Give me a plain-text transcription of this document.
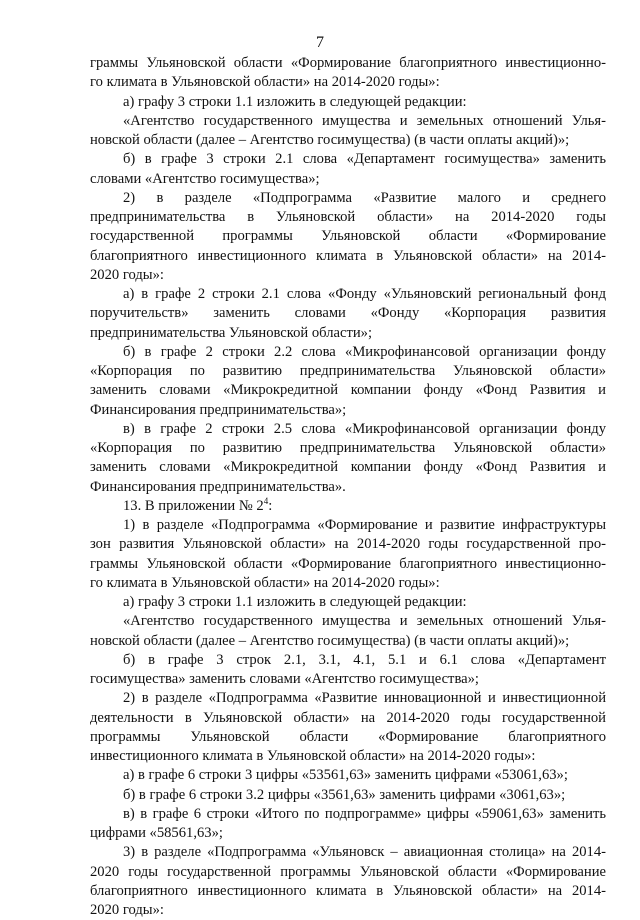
7
граммы Ульяновской области «Формирование благоприятного инвестиционно-
го климата в Ульяновской области» на 2014-2020 годы»:
а) графу 3 строки 1.1 изложить в следующей редакции:
«Агентство государственного имущества и земельных отношений Улья-
новской области (далее – Агентство госимущества) (в части оплаты акций)»;
б) в графе 3 строки 2.1 слова «Департамент госимущества» заменить
словами «Агентство госимущества»;
2) в разделе «Подпрограмма «Развитие малого и среднего
предпринимательства в Ульяновской области» на 2014-2020 годы
государственной программы Ульяновской области «Формирование
благоприятного инвестиционного климата в Ульяновской области» на 2014-
2020 годы»:
а) в графе 2 строки 2.1 слова «Фонду «Ульяновский региональный фонд
поручительств» заменить словами «Фонду «Корпорация развития
предпринимательства Ульяновской области»;
б) в графе 2 строки 2.2 слова «Микрофинансовой организации фонду
«Корпорация по развитию предпринимательства Ульяновской области»
заменить словами «Микрокредитной компании фонду «Фонд Развития и
Финансирования предпринимательства»;
в) в графе 2 строки 2.5 слова «Микрофинансовой организации фонду
«Корпорация по развитию предпринимательства Ульяновской области»
заменить словами «Микрокредитной компании фонду «Фонд Развития и
Финансирования предпринимательства».
13. В приложении № $2^4$:
1) в разделе «Подпрограмма «Формирование и развитие инфраструктуры
зон развития Ульяновской области» на 2014-2020 годы государственной про-
граммы Ульяновской области «Формирование благоприятного инвестиционно-
го климата в Ульяновской области» на 2014-2020 годы»:
а) графу 3 строки 1.1 изложить в следующей редакции:
«Агентство государственного имущества и земельных отношений Улья-
новской области (далее – Агентство госимущества) (в части оплаты акций)»;
б) в графе 3 строк 2.1, 3.1, 4.1, 5.1 и 6.1 слова «Департамент
госимущества» заменить словами «Агентство госимущества»;
2) в разделе «Подпрограмма «Развитие инновационной и инвестиционной
деятельности в Ульяновской области» на 2014-2020 годы государственной
программы Ульяновской области «Формирование благоприятного
инвестиционного климата в Ульяновской области» на 2014-2020 годы»:
а) в графе 6 строки 3 цифры «53561,63» заменить цифрами «53061,63»;
б) в графе 6 строки 3.2 цифры «3561,63» заменить цифрами «3061,63»;
в) в графе 6 строки «Итого по подпрограмме» цифры «59061,63» заменить
цифрами «58561,63»;
3) в разделе «Подпрограмма «Ульяновск – авиационная столица» на 2014-
2020 годы государственной программы Ульяновской области «Формирование
благоприятного инвестиционного климата в Ульяновской области» на 2014-
2020 годы»:
